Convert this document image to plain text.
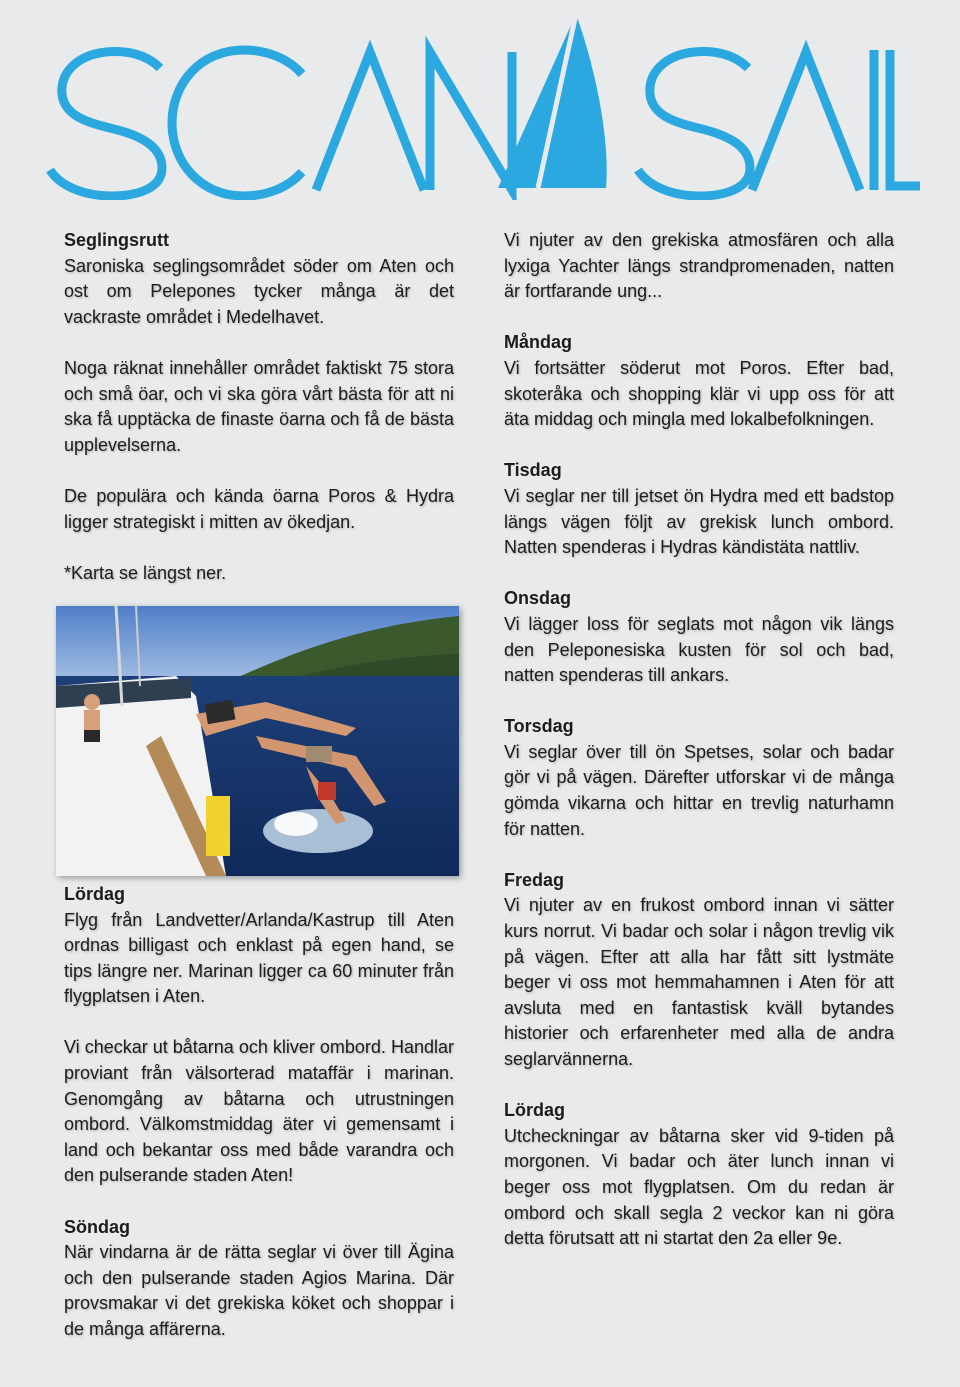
Seglingsrutt

Saroniska seglingsområdet söder om Aten och ost om Pelepones tycker många är det vackraste området i Medelhavet.

Noga räknat innehåller området faktiskt 75 stora och små öar, och vi ska göra vårt bästa för att ni ska få upptäcka de finaste öarna och få de bästa upplevelserna.

De populära och kända öarna Poros & Hydra ligger strategiskt i mitten av ökedjan.

*Karta se längst ner.

Lördag

Flyg från Landvetter/Arlanda/Kastrup till Aten ordnas billigast och enklast på egen hand, se tips längre ner. Marinan ligger ca 60 minuter från flygplatsen i Aten.

Vi checkar ut båtarna och kliver ombord. Handlar proviant från välsorterad mataffär i marinan. Genomgång av båtarna och utrustningen ombord. Välkomstmiddag äter vi gemensamt i land och bekantar oss med både varandra och den pulserande staden Aten!

Söndag

När vindarna är de rätta seglar vi över till Ägina och den pulserande staden Agios Marina. Där provsmakar vi det grekiska köket och shoppar i de många affärerna.

Vi njuter av den grekiska atmosfären och alla lyxiga Yachter längs strandpromenaden, natten är fortfarande ung...

Måndag

Vi fortsätter söderut mot Poros. Efter bad, skoteråka och shopping klär vi upp oss för att äta middag och mingla med lokalbefolkningen.

Tisdag

Vi seglar ner till jetset ön Hydra med ett badstop längs vägen följt av grekisk lunch ombord. Natten spenderas i Hydras kändistäta nattliv.

Onsdag

Vi lägger loss för seglats mot någon vik längs den Peleponesiska kusten för sol och bad, natten spenderas till ankars.

Torsdag

Vi seglar över till ön Spetses, solar och badar gör vi på vägen. Därefter utforskar vi de många gömda vikarna och hittar en trevlig naturhamn för natten.

Fredag

Vi njuter av en frukost ombord innan vi sätter kurs norrut. Vi badar och solar i någon trevlig vik på vägen. Efter att alla har fått sitt lystmäte beger vi oss mot hemmahamnen i Aten för att avsluta med en fantastisk kväll bytandes historier och erfarenheter med alla de andra seglarvännerna.

Lördag

Utcheckningar av båtarna sker vid 9-tiden på morgonen. Vi badar och äter lunch innan vi beger oss mot flygplatsen. Om du redan är ombord och skall segla 2 veckor kan ni göra detta förutsatt att ni startat den 2a eller 9e.
